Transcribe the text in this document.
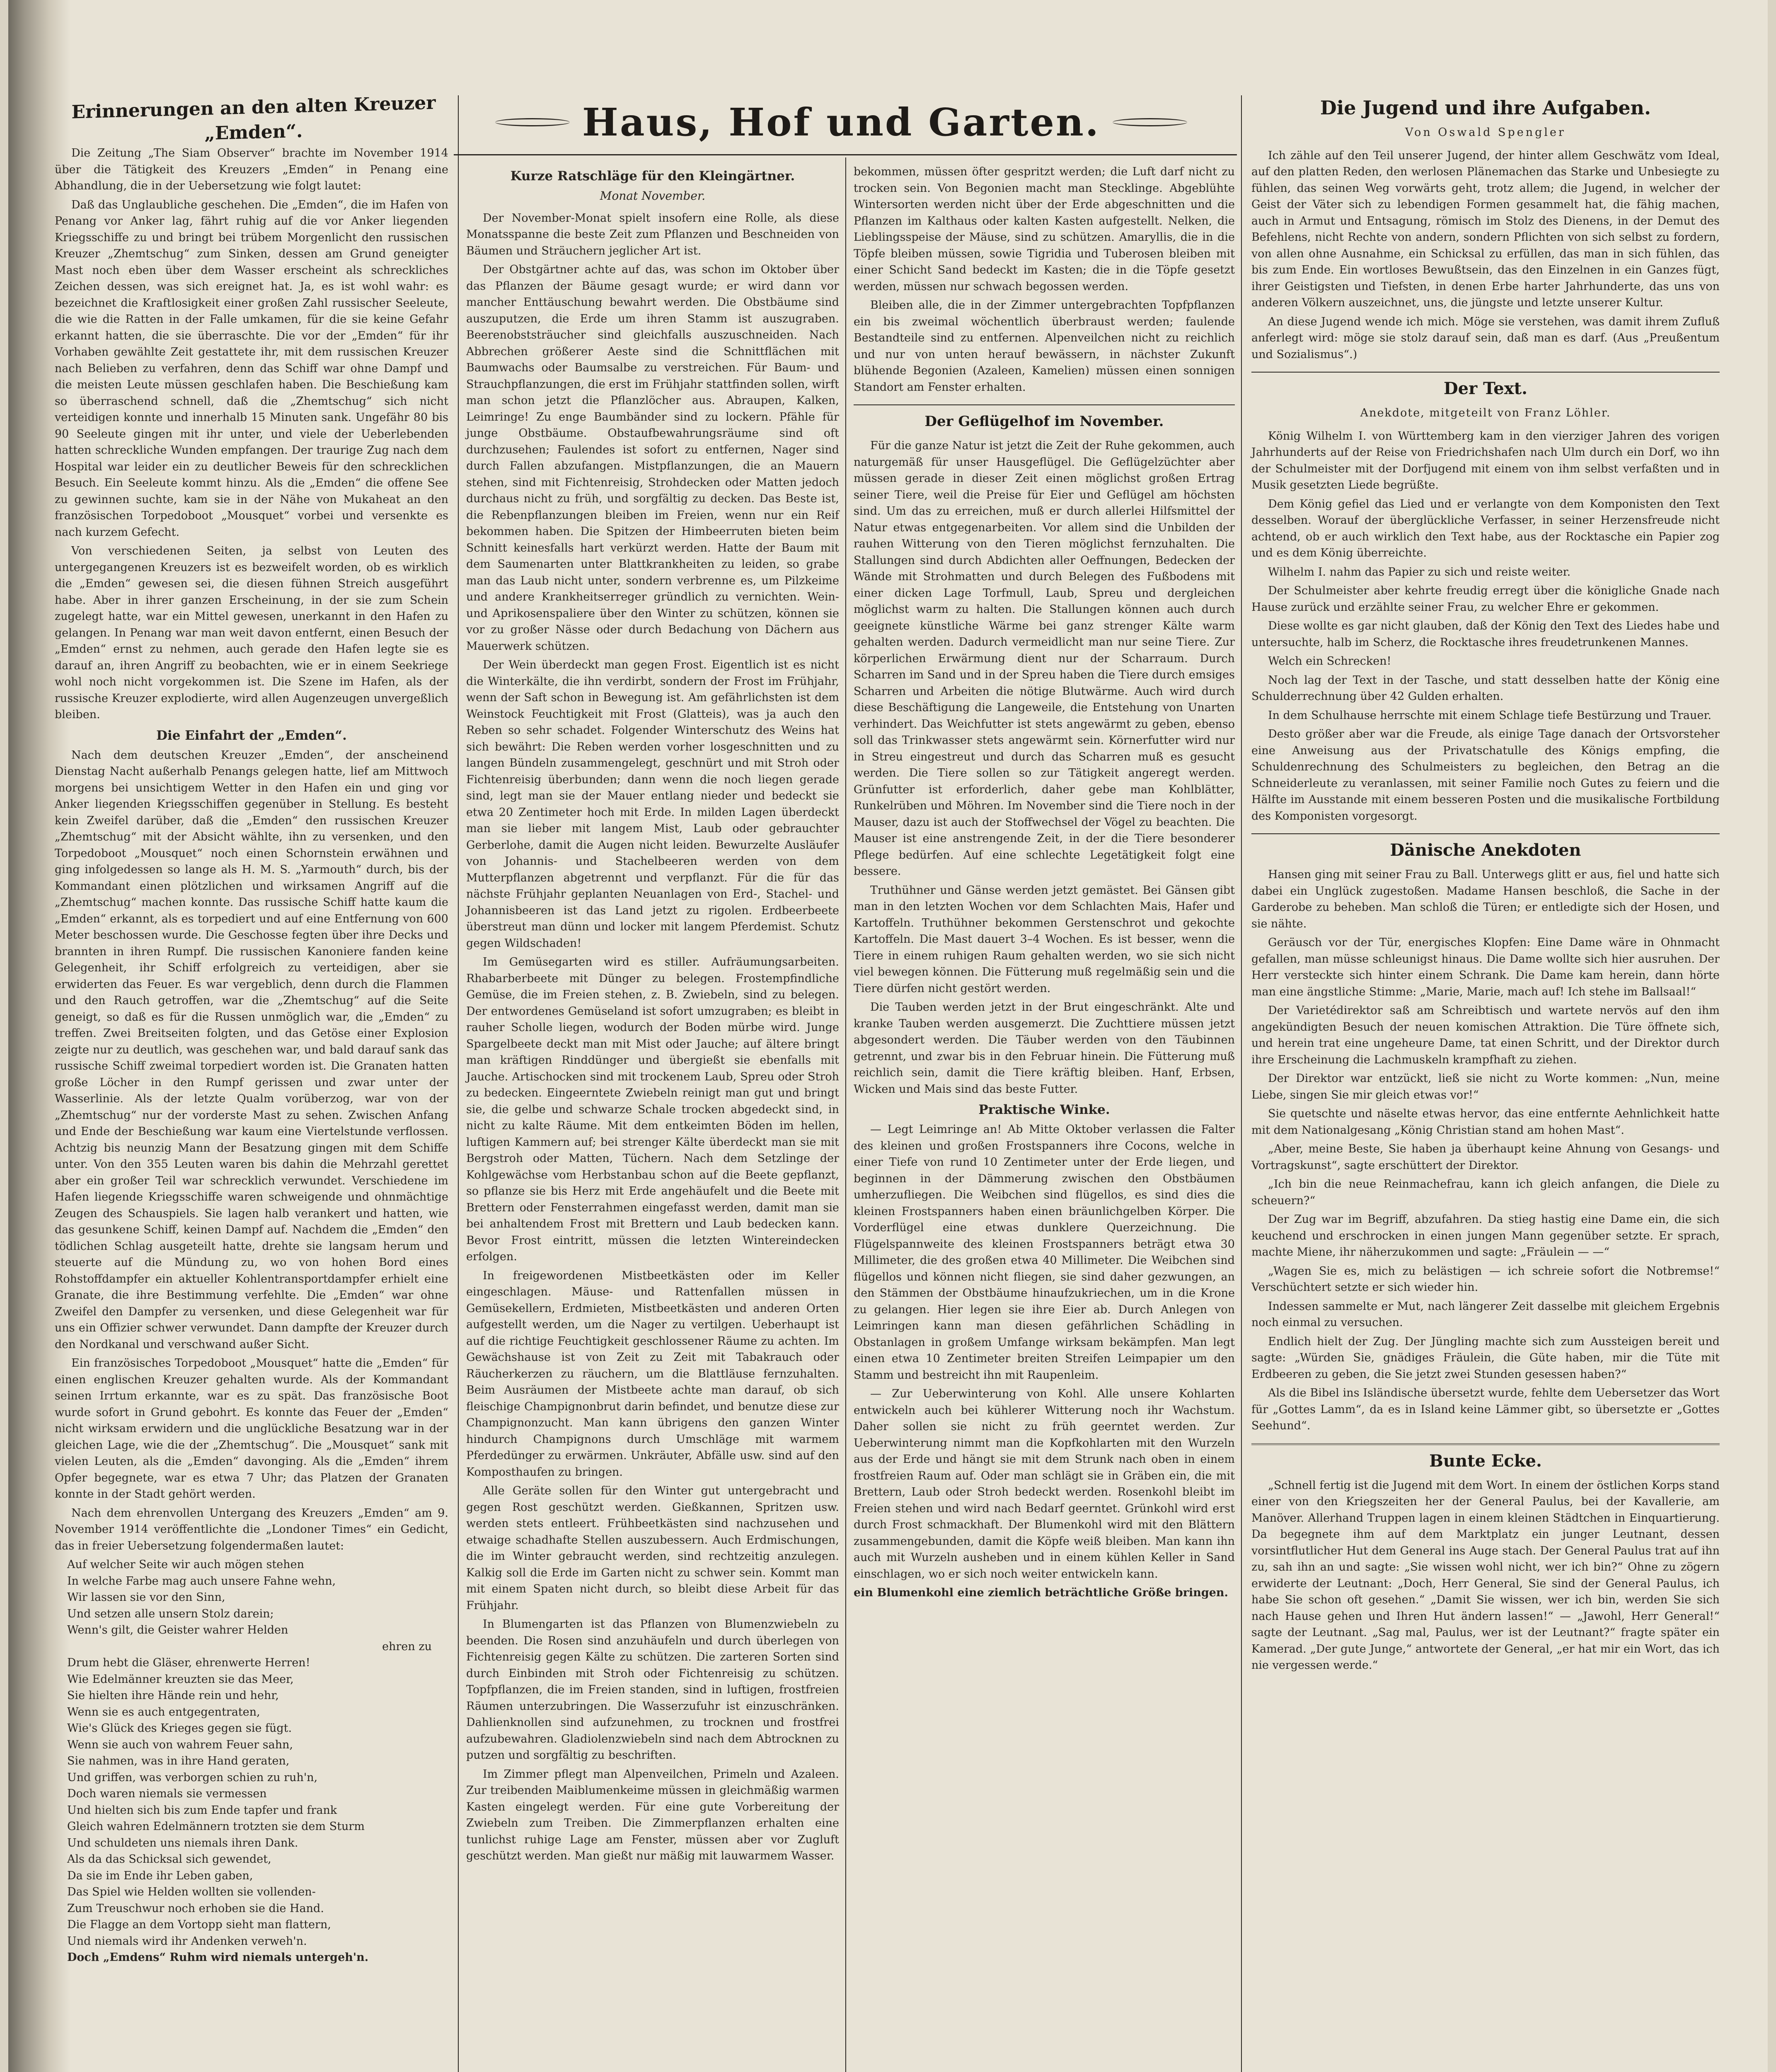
Haus, Hof und Garten.
Erinnerungen an den alten Kreuzer „Emden“.

Die Zeitung „The Siam Observer“ brachte im November 1914 über die Tätigkeit des Kreuzers „Emden“ in Penang eine Abhandlung, die in der Uebersetzung wie folgt lautet:

Daß das Unglaubliche geschehen. Die „Emden“, die im Hafen von Penang vor Anker lag, fährt ruhig auf die vor Anker liegenden Kriegsschiffe zu und bringt bei trübem Morgenlicht den russischen Kreuzer „Zhemtschug“ zum Sinken, dessen am Grund geneigter Mast noch eben über dem Wasser erscheint als schreckliches Zeichen dessen, was sich ereignet hat. Ja, es ist wohl wahr: es bezeichnet die Kraftlosigkeit einer großen Zahl russischer Seeleute, die wie die Ratten in der Falle umkamen, für die sie keine Gefahr erkannt hatten, die sie überraschte. Die vor der „Emden“ für ihr Vorhaben gewählte Zeit gestattete ihr, mit dem russischen Kreuzer nach Belieben zu verfahren, denn das Schiff war ohne Dampf und die meisten Leute müssen geschlafen haben. Die Beschießung kam so überraschend schnell, daß die „Zhemtschug“ sich nicht verteidigen konnte und innerhalb 15 Minuten sank. Ungefähr 80 bis 90 Seeleute gingen mit ihr unter, und viele der Ueberlebenden hatten schreckliche Wunden empfangen. Der traurige Zug nach dem Hospital war leider ein zu deutlicher Beweis für den schrecklichen Besuch. Ein Seeleute kommt hinzu. Als die „Emden“ die offene See zu gewinnen suchte, kam sie in der Nähe von Mukaheat an den französischen Torpedoboot „Mousquet“ vorbei und versenkte es nach kurzem Gefecht.

Von verschiedenen Seiten, ja selbst von Leuten des untergegangenen Kreuzers ist es bezweifelt worden, ob es wirklich die „Emden“ gewesen sei, die diesen fühnen Streich ausgeführt habe. Aber in ihrer ganzen Erscheinung, in der sie zum Schein zugelegt hatte, war ein Mittel gewesen, unerkannt in den Hafen zu gelangen. In Penang war man weit davon entfernt, einen Besuch der „Emden“ ernst zu nehmen, auch gerade den Hafen legte sie es darauf an, ihren Angriff zu beobachten, wie er in einem Seekriege wohl noch nicht vorgekommen ist. Die Szene im Hafen, als der russische Kreuzer explodierte, wird allen Augenzeugen unvergeßlich bleiben.

Die Einfahrt der „Emden“.

Nach dem deutschen Kreuzer „Emden“, der anscheinend Dienstag Nacht außerhalb Penangs gelegen hatte, lief am Mittwoch morgens bei unsichtigem Wetter in den Hafen ein und ging vor Anker liegenden Kriegsschiffen gegenüber in Stellung. Es besteht kein Zweifel darüber, daß die „Emden“ den russischen Kreuzer „Zhemtschug“ mit der Absicht wählte, ihn zu versenken, und den Torpedoboot „Mousquet“ noch einen Schornstein erwähnen und ging infolgedessen so lange als H. M. S. „Yarmouth“ durch, bis der Kommandant einen plötzlichen und wirksamen Angriff auf die „Zhemtschug“ machen konnte. Das russische Schiff hatte kaum die „Emden“ erkannt, als es torpediert und auf eine Entfernung von 600 Meter beschossen wurde. Die Geschosse fegten über ihre Decks und brannten in ihren Rumpf. Die russischen Kanoniere fanden keine Gelegenheit, ihr Schiff erfolgreich zu verteidigen, aber sie erwiderten das Feuer. Es war vergeblich, denn durch die Flammen und den Rauch getroffen, war die „Zhemtschug“ auf die Seite geneigt, so daß es für die Russen unmöglich war, die „Emden“ zu treffen. Zwei Breitseiten folgten, und das Getöse einer Explosion zeigte nur zu deutlich, was geschehen war, und bald darauf sank das russische Schiff zweimal torpediert worden ist. Die Granaten hatten große Löcher in den Rumpf gerissen und zwar unter der Wasserlinie. Als der letzte Qualm vorüberzog, war von der „Zhemtschug“ nur der vorderste Mast zu sehen. Zwischen Anfang und Ende der Beschießung war kaum eine Viertelstunde verflossen. Achtzig bis neunzig Mann der Besatzung gingen mit dem Schiffe unter. Von den 355 Leuten waren bis dahin die Mehrzahl gerettet aber ein großer Teil war schrecklich verwundet. Verschiedene im Hafen liegende Kriegsschiffe waren schweigende und ohnmächtige Zeugen des Schauspiels. Sie lagen halb verankert und hatten, wie das gesunkene Schiff, keinen Dampf auf. Nachdem die „Emden“ den tödlichen Schlag ausgeteilt hatte, drehte sie langsam herum und steuerte auf die Mündung zu, wo von hohen Bord eines Rohstoffdampfer ein aktueller Kohlentransportdampfer erhielt eine Granate, die ihre Bestimmung verfehlte. Die „Emden“ war ohne Zweifel den Dampfer zu versenken, und diese Gelegenheit war für uns ein Offizier schwer verwundet. Dann dampfte der Kreuzer durch den Nordkanal und verschwand außer Sicht.

Ein französisches Torpedoboot „Mousquet“ hatte die „Emden“ für einen englischen Kreuzer gehalten wurde. Als der Kommandant seinen Irrtum erkannte, war es zu spät. Das französische Boot wurde sofort in Grund gebohrt. Es konnte das Feuer der „Emden“ nicht wirksam erwidern und die unglückliche Besatzung war in der gleichen Lage, wie die der „Zhemtschug“. Die „Mousquet“ sank mit vielen Leuten, als die „Emden“ davonging. Als die „Emden“ ihrem Opfer begegnete, war es etwa 7 Uhr; das Platzen der Granaten konnte in der Stadt gehört werden.

Nach dem ehrenvollen Untergang des Kreuzers „Emden“ am 9. November 1914 veröffentlichte die „Londoner Times“ ein Gedicht, das in freier Uebersetzung folgendermaßen lautet:

Auf welcher Seite wir auch mögen stehen

In welche Farbe mag auch unsere Fahne wehn,

Wir lassen sie vor den Sinn,

Und setzen alle unsern Stolz darein;

Wenn's gilt, die Geister wahrer Helden

ehren zu

Drum hebt die Gläser, ehrenwerte Herren!

Wie Edelmänner kreuzten sie das Meer,

Sie hielten ihre Hände rein und hehr,

Wenn sie es auch entgegentraten,

Wie's Glück des Krieges gegen sie fügt.

Wenn sie auch von wahrem Feuer sahn,

Sie nahmen, was in ihre Hand geraten,

Und griffen, was verborgen schien zu ruh'n,

Doch waren niemals sie vermessen

Und hielten sich bis zum Ende tapfer und frank

Gleich wahren Edelmännern trotzten sie dem Sturm

Und schuldeten uns niemals ihren Dank.

Als da das Schicksal sich gewendet,

Da sie im Ende ihr Leben gaben,

Das Spiel wie Helden wollten sie vollenden-

Zum Treuschwur noch erhoben sie die Hand.

Die Flagge an dem Vortopp sieht man flattern,

Und niemals wird ihr Andenken verweh'n.

Doch „Emdens“ Ruhm wird niemals untergeh'n.

Kurze Ratschläge für den Kleingärtner.
Monat November.

Der November-Monat spielt insofern eine Rolle, als diese Monatsspanne die beste Zeit zum Pflanzen und Beschneiden von Bäumen und Sträuchern jeglicher Art ist.

Der Obstgärtner achte auf das, was schon im Oktober über das Pflanzen der Bäume gesagt wurde; er wird dann vor mancher Enttäuschung bewahrt werden. Die Obstbäume sind auszuputzen, die Erde um ihren Stamm ist auszugraben. Beerenobststräucher sind gleichfalls auszuschneiden. Nach Abbrechen größerer Aeste sind die Schnittflächen mit Baumwachs oder Baumsalbe zu verstreichen. Für Baum- und Strauchpflanzungen, die erst im Frühjahr stattfinden sollen, wirft man schon jetzt die Pflanzlöcher aus. Abraupen, Kalken, Leimringe! Zu enge Baumbänder sind zu lockern. Pfähle für junge Obstbäume. Obstaufbewahrungsräume sind oft durchzusehen; Faulendes ist sofort zu entfernen, Nager sind durch Fallen abzufangen. Mistpflanzungen, die an Mauern stehen, sind mit Fichtenreisig, Strohdecken oder Matten jedoch durchaus nicht zu früh, und sorgfältig zu decken. Das Beste ist, die Rebenpflanzungen bleiben im Freien, wenn nur ein Reif bekommen haben. Die Spitzen der Himbeerruten bieten beim Schnitt keinesfalls hart verkürzt werden. Hatte der Baum mit dem Saumenarten unter Blattkrankheiten zu leiden, so grabe man das Laub nicht unter, sondern verbrenne es, um Pilzkeime und andere Krankheitserreger gründlich zu vernichten. Wein- und Aprikosenspaliere über den Winter zu schützen, können sie vor zu großer Nässe oder durch Bedachung von Dächern aus Mauerwerk schützen.

Der Wein überdeckt man gegen Frost. Eigentlich ist es nicht die Winterkälte, die ihn verdirbt, sondern der Frost im Frühjahr, wenn der Saft schon in Bewegung ist. Am gefährlichsten ist dem Weinstock Feuchtigkeit mit Frost (Glatteis), was ja auch den Reben so sehr schadet. Folgender Winterschutz des Weins hat sich bewährt: Die Reben werden vorher losgeschnitten und zu langen Bündeln zusammengelegt, geschnürt und mit Stroh oder Fichtenreisig überbunden; dann wenn die noch liegen gerade sind, legt man sie der Mauer entlang nieder und bedeckt sie etwa 20 Zentimeter hoch mit Erde. In milden Lagen überdeckt man sie lieber mit langem Mist, Laub oder gebrauchter Gerberlohe, damit die Augen nicht leiden. Bewurzelte Ausläufer von Johannis- und Stachelbeeren werden von dem Mutterpflanzen abgetrennt und verpflanzt. Für die für das nächste Frühjahr geplanten Neuanlagen von Erd-, Stachel- und Johannisbeeren ist das Land jetzt zu rigolen. Erdbeerbeete überstreut man dünn und locker mit langem Pferdemist. Schutz gegen Wildschaden!

Im Gemüsegarten wird es stiller. Aufräumungsarbeiten. Rhabarberbeete mit Dünger zu belegen. Frostempfindliche Gemüse, die im Freien stehen, z. B. Zwiebeln, sind zu belegen. Der entwordenes Gemüseland ist sofort umzugraben; es bleibt in rauher Scholle liegen, wodurch der Boden mürbe wird. Junge Spargelbeete deckt man mit Mist oder Jauche; auf ältere bringt man kräftigen Rinddünger und übergießt sie ebenfalls mit Jauche. Artischocken sind mit trockenem Laub, Spreu oder Stroh zu bedecken. Eingeerntete Zwiebeln reinigt man gut und bringt sie, die gelbe und schwarze Schale trocken abgedeckt sind, in nicht zu kalte Räume. Mit dem entkeimten Böden im hellen, luftigen Kammern auf; bei strenger Kälte überdeckt man sie mit Bergstroh oder Matten, Tüchern. Nach dem Setzlinge der Kohlgewächse vom Herbstanbau schon auf die Beete gepflanzt, so pflanze sie bis Herz mit Erde angehäufelt und die Beete mit Brettern oder Fensterrahmen eingefasst werden, damit man sie bei anhaltendem Frost mit Brettern und Laub bedecken kann. Bevor Frost eintritt, müssen die letzten Wintereindecken erfolgen.

In freigewordenen Mistbeetkästen oder im Keller eingeschlagen. Mäuse- und Rattenfallen müssen in Gemüsekellern, Erdmieten, Mistbeetkästen und anderen Orten aufgestellt werden, um die Nager zu vertilgen. Ueberhaupt ist auf die richtige Feuchtigkeit geschlossener Räume zu achten. Im Gewächshause ist von Zeit zu Zeit mit Tabakrauch oder Räucherkerzen zu räuchern, um die Blattläuse fernzuhalten. Beim Ausräumen der Mistbeete achte man darauf, ob sich fleischige Champignonbrut darin befindet, und benutze diese zur Champignonzucht. Man kann übrigens den ganzen Winter hindurch Champignons durch Umschläge mit warmem Pferdedünger zu erwärmen. Unkräuter, Abfälle usw. sind auf den Komposthaufen zu bringen.

Alle Geräte sollen für den Winter gut untergebracht und gegen Rost geschützt werden. Gießkannen, Spritzen usw. werden stets entleert. Frühbeetkästen sind nachzusehen und etwaige schadhafte Stellen auszubessern. Auch Erdmischungen, die im Winter gebraucht werden, sind rechtzeitig anzulegen. Kalkig soll die Erde im Garten nicht zu schwer sein. Kommt man mit einem Spaten nicht durch, so bleibt diese Arbeit für das Frühjahr.

In Blumengarten ist das Pflanzen von Blumenzwiebeln zu beenden. Die Rosen sind anzuhäufeln und durch überlegen von Fichtenreisig gegen Kälte zu schützen. Die zarteren Sorten sind durch Einbinden mit Stroh oder Fichtenreisig zu schützen. Topfpflanzen, die im Freien standen, sind in luftigen, frostfreien Räumen unterzubringen. Die Wasserzufuhr ist einzuschränken. Dahlienknollen sind aufzunehmen, zu trocknen und frostfrei aufzubewahren. Gladiolenzwiebeln sind nach dem Abtrocknen zu putzen und sorgfältig zu beschriften.

Im Zimmer pflegt man Alpenveilchen, Primeln und Azaleen. Zur treibenden Maiblumenkeime müssen in gleichmäßig warmen Kasten eingelegt werden. Für eine gute Vorbereitung der Zwiebeln zum Treiben. Die Zimmerpflanzen erhalten eine tunlichst ruhige Lage am Fenster, müssen aber vor Zugluft geschützt werden. Man gießt nur mäßig mit lauwarmem Wasser.

bekommen, müssen öfter gespritzt werden; die Luft darf nicht zu trocken sein. Von Begonien macht man Stecklinge. Abgeblühte Wintersorten werden nicht über der Erde abgeschnitten und die Pflanzen im Kalthaus oder kalten Kasten aufgestellt. Nelken, die Lieblingsspeise der Mäuse, sind zu schützen. Amaryllis, die in die Töpfe bleiben müssen, sowie Tigridia und Tuberosen bleiben mit einer Schicht Sand bedeckt im Kasten; die in die Töpfe gesetzt werden, müssen nur schwach begossen werden.

Bleiben alle, die in der Zimmer untergebrachten Topfpflanzen ein bis zweimal wöchentlich überbraust werden; faulende Bestandteile sind zu entfernen. Alpenveilchen nicht zu reichlich und nur von unten herauf bewässern, in nächster Zukunft blühende Begonien (Azaleen, Kamelien) müssen einen sonnigen Standort am Fenster erhalten.

Der Geflügelhof im November.

Für die ganze Natur ist jetzt die Zeit der Ruhe gekommen, auch naturgemäß für unser Hausgeflügel. Die Geflügelzüchter aber müssen gerade in dieser Zeit einen möglichst großen Ertrag seiner Tiere, weil die Preise für Eier und Geflügel am höchsten sind. Um das zu erreichen, muß er durch allerlei Hilfsmittel der Natur etwas entgegenarbeiten. Vor allem sind die Unbilden der rauhen Witterung von den Tieren möglichst fernzuhalten. Die Stallungen sind durch Abdichten aller Oeffnungen, Bedecken der Wände mit Strohmatten und durch Belegen des Fußbodens mit einer dicken Lage Torfmull, Laub, Spreu und dergleichen möglichst warm zu halten. Die Stallungen können auch durch geeignete künstliche Wärme bei ganz strenger Kälte warm gehalten werden. Dadurch vermeidlicht man nur seine Tiere. Zur körperlichen Erwärmung dient nur der Scharraum. Durch Scharren im Sand und in der Spreu haben die Tiere durch emsiges Scharren und Arbeiten die nötige Blutwärme. Auch wird durch diese Beschäftigung die Langeweile, die Entstehung von Unarten verhindert. Das Weichfutter ist stets angewärmt zu geben, ebenso soll das Trinkwasser stets angewärmt sein. Körnerfutter wird nur in Streu eingestreut und durch das Scharren muß es gesucht werden. Die Tiere sollen so zur Tätigkeit angeregt werden. Grünfutter ist erforderlich, daher gebe man Kohlblätter, Runkelrüben und Möhren. Im November sind die Tiere noch in der Mauser, dazu ist auch der Stoffwechsel der Vögel zu beachten. Die Mauser ist eine anstrengende Zeit, in der die Tiere besonderer Pflege bedürfen. Auf eine schlechte Legetätigkeit folgt eine bessere.

Truthühner und Gänse werden jetzt gemästet. Bei Gänsen gibt man in den letzten Wochen vor dem Schlachten Mais, Hafer und Kartoffeln. Truthühner bekommen Gerstenschrot und gekochte Kartoffeln. Die Mast dauert 3–4 Wochen. Es ist besser, wenn die Tiere in einem ruhigen Raum gehalten werden, wo sie sich nicht viel bewegen können. Die Fütterung muß regelmäßig sein und die Tiere dürfen nicht gestört werden.

Die Tauben werden jetzt in der Brut eingeschränkt. Alte und kranke Tauben werden ausgemerzt. Die Zuchttiere müssen jetzt abgesondert werden. Die Täuber werden von den Täubinnen getrennt, und zwar bis in den Februar hinein. Die Fütterung muß reichlich sein, damit die Tiere kräftig bleiben. Hanf, Erbsen, Wicken und Mais sind das beste Futter.

Praktische Winke.

— Legt Leimringe an! Ab Mitte Oktober verlassen die Falter des kleinen und großen Frostspanners ihre Cocons, welche in einer Tiefe von rund 10 Zentimeter unter der Erde liegen, und beginnen in der Dämmerung zwischen den Obstbäumen umherzufliegen. Die Weibchen sind flügellos, es sind dies die kleinen Frostspanners haben einen bräunlichgelben Körper. Die Vorderflügel eine etwas dunklere Querzeichnung. Die Flügelspannweite des kleinen Frostspanners beträgt etwa 30 Millimeter, die des großen etwa 40 Millimeter. Die Weibchen sind flügellos und können nicht fliegen, sie sind daher gezwungen, an den Stämmen der Obstbäume hinaufzukriechen, um in die Krone zu gelangen. Hier legen sie ihre Eier ab. Durch Anlegen von Leimringen kann man diesen gefährlichen Schädling in Obstanlagen in großem Umfange wirksam bekämpfen. Man legt einen etwa 10 Zentimeter breiten Streifen Leimpapier um den Stamm und bestreicht ihn mit Raupenleim.

— Zur Ueberwinterung von Kohl. Alle unsere Kohlarten entwickeln auch bei kühlerer Witterung noch ihr Wachstum. Daher sollen sie nicht zu früh geerntet werden. Zur Ueberwinterung nimmt man die Kopfkohlarten mit den Wurzeln aus der Erde und hängt sie mit dem Strunk nach oben in einem frostfreien Raum auf. Oder man schlägt sie in Gräben ein, die mit Brettern, Laub oder Stroh bedeckt werden. Rosenkohl bleibt im Freien stehen und wird nach Bedarf geerntet. Grünkohl wird erst durch Frost schmackhaft. Der Blumenkohl wird mit den Blättern zusammengebunden, damit die Köpfe weiß bleiben. Man kann ihn auch mit Wurzeln ausheben und in einem kühlen Keller in Sand einschlagen, wo er sich noch weiter entwickeln kann.

ein Blumenkohl eine ziemlich beträchtliche Größe bringen.

Die Jugend und ihre Aufgaben.
Von Oswald Spengler

Ich zähle auf den Teil unserer Jugend, der hinter allem Geschwätz vom Ideal, auf den platten Reden, den werlosen Plänemachen das Starke und Unbesiegte zu fühlen, das seinen Weg vorwärts geht, trotz allem; die Jugend, in welcher der Geist der Väter sich zu lebendigen Formen gesammelt hat, die fähig machen, auch in Armut und Entsagung, römisch im Stolz des Dienens, in der Demut des Befehlens, nicht Rechte von andern, sondern Pflichten von sich selbst zu fordern, von allen ohne Ausnahme, ein Schicksal zu erfüllen, das man in sich fühlen, das bis zum Ende. Ein wortloses Bewußtsein, das den Einzelnen in ein Ganzes fügt, ihrer Geistigsten und Tiefsten, in denen Erbe harter Jahrhunderte, das uns von anderen Völkern auszeichnet, uns, die jüngste und letzte unserer Kultur.

An diese Jugend wende ich mich. Möge sie verstehen, was damit ihrem Zufluß anferlegt wird: möge sie stolz darauf sein, daß man es darf. (Aus „Preußentum und Sozialismus“.)

Der Text.
Anekdote, mitgeteilt von Franz Löhler.

König Wilhelm I. von Württemberg kam in den vierziger Jahren des vorigen Jahrhunderts auf der Reise von Friedrichshafen nach Ulm durch ein Dorf, wo ihn der Schulmeister mit der Dorfjugend mit einem von ihm selbst verfaßten und in Musik gesetzten Liede begrüßte.

Dem König gefiel das Lied und er verlangte von dem Komponisten den Text desselben. Worauf der überglückliche Verfasser, in seiner Herzensfreude nicht achtend, ob er auch wirklich den Text habe, aus der Rocktasche ein Papier zog und es dem König überreichte.

Wilhelm I. nahm das Papier zu sich und reiste weiter.

Der Schulmeister aber kehrte freudig erregt über die königliche Gnade nach Hause zurück und erzählte seiner Frau, zu welcher Ehre er gekommen.

Diese wollte es gar nicht glauben, daß der König den Text des Liedes habe und untersuchte, halb im Scherz, die Rocktasche ihres freudetrunkenen Mannes.

Welch ein Schrecken!

Noch lag der Text in der Tasche, und statt desselben hatte der König eine Schulderrechnung über 42 Gulden erhalten.

In dem Schulhause herrschte mit einem Schlage tiefe Bestürzung und Trauer.

Desto größer aber war die Freude, als einige Tage danach der Ortsvorsteher eine Anweisung aus der Privatschatulle des Königs empfing, die Schuldenrechnung des Schulmeisters zu begleichen, den Betrag an die Schneiderleute zu veranlassen, mit seiner Familie noch Gutes zu feiern und die Hälfte im Ausstande mit einem besseren Posten und die musikalische Fortbildung des Komponisten vorgesorgt.

Dänische Anekdoten

Hansen ging mit seiner Frau zu Ball. Unterwegs glitt er aus, fiel und hatte sich dabei ein Unglück zugestoßen. Madame Hansen beschloß, die Sache in der Garderobe zu beheben. Man schloß die Türen; er entledigte sich der Hosen, und sie nähte.

Geräusch vor der Tür, energisches Klopfen: Eine Dame wäre in Ohnmacht gefallen, man müsse schleunigst hinaus. Die Dame wollte sich hier ausruhen. Der Herr versteckte sich hinter einem Schrank. Die Dame kam herein, dann hörte man eine ängstliche Stimme: „Marie, Marie, mach auf! Ich stehe im Ballsaal!“

Der Varietédirektor saß am Schreibtisch und wartete nervös auf den ihm angekündigten Besuch der neuen komischen Attraktion. Die Türe öffnete sich, und herein trat eine ungeheure Dame, tat einen Schritt, und der Direktor durch ihre Erscheinung die Lachmuskeln krampfhaft zu ziehen.

Der Direktor war entzückt, ließ sie nicht zu Worte kommen: „Nun, meine Liebe, singen Sie mir gleich etwas vor!“

Sie quetschte und näselte etwas hervor, das eine entfernte Aehnlichkeit hatte mit dem Nationalgesang „König Christian stand am hohen Mast“.

„Aber, meine Beste, Sie haben ja überhaupt keine Ahnung von Gesangs- und Vortragskunst“, sagte erschüttert der Direktor.

„Ich bin die neue Reinmachefrau, kann ich gleich anfangen, die Diele zu scheuern?“

Der Zug war im Begriff, abzufahren. Da stieg hastig eine Dame ein, die sich keuchend und erschrocken in einen jungen Mann gegenüber setzte. Er sprach, machte Miene, ihr näherzukommen und sagte: „Fräulein — —“

„Wagen Sie es, mich zu belästigen — ich schreie sofort die Notbremse!“ Verschüchtert setzte er sich wieder hin.

Indessen sammelte er Mut, nach längerer Zeit dasselbe mit gleichem Ergebnis noch einmal zu versuchen.

Endlich hielt der Zug. Der Jüngling machte sich zum Aussteigen bereit und sagte: „Würden Sie, gnädiges Fräulein, die Güte haben, mir die Tüte mit Erdbeeren zu geben, die Sie jetzt zwei Stunden gesessen haben?“

Als die Bibel ins Isländische übersetzt wurde, fehlte dem Uebersetzer das Wort für „Gottes Lamm“, da es in Island keine Lämmer gibt, so übersetzte er „Gottes Seehund“.

Bunte Ecke.

„Schnell fertig ist die Jugend mit dem Wort. In einem der östlichen Korps stand einer von den Kriegszeiten her der General Paulus, bei der Kavallerie, am Manöver. Allerhand Truppen lagen in einem kleinen Städtchen in Einquartierung. Da begegnete ihm auf dem Marktplatz ein junger Leutnant, dessen vorsintflutlicher Hut dem General ins Auge stach. Der General Paulus trat auf ihn zu, sah ihn an und sagte: „Sie wissen wohl nicht, wer ich bin?“ Ohne zu zögern erwiderte der Leutnant: „Doch, Herr General, Sie sind der General Paulus, ich habe Sie schon oft gesehen.“ „Damit Sie wissen, wer ich bin, werden Sie sich nach Hause gehen und Ihren Hut ändern lassen!“ — „Jawohl, Herr General!“ sagte der Leutnant. „Sag mal, Paulus, wer ist der Leutnant?“ fragte später ein Kamerad. „Der gute Junge,“ antwortete der General, „er hat mir ein Wort, das ich nie vergessen werde.“
